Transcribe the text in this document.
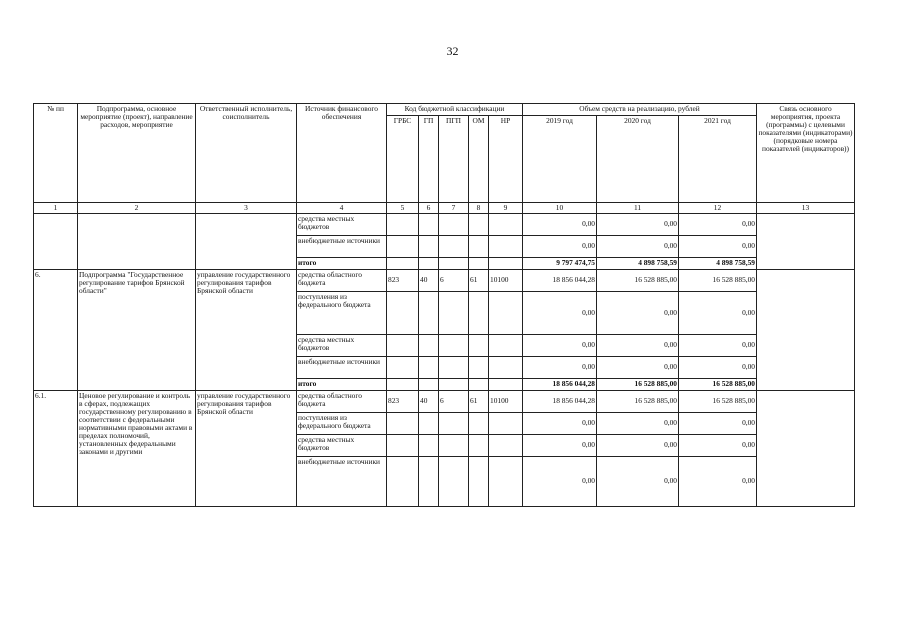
32
№ пп	Подпрограмма, основное мероприятие (проект), направление расходов, мероприятие	Ответственный исполнитель, соисполнитель	Источник финансового обеспечения	Код бюджетной классификации					Объем средств на реализацию, рублей			Связь основного мероприятия, проекта (программы) с целевыми показателями (индикаторами) (порядковые номера показателей (индикаторов))
				ГРБС	ГП	ПГП	ОМ	НР	2019 год	2020 год	2021 год	
1	2	3	4	5	6	7	8	9	10	11	12	13
			средства местных бюджетов						0,00	0,00	0,00	
			внебюджетные источники						0,00	0,00	0,00	
			итого						9 797 474,75	4 898 758,59	4 898 758,59	
6.	Подпрограмма "Государственное регулирование тарифов Брянской области"	управление государственного регулирования тарифов Брянской области	средства областного бюджета	823	40	6	61	10100	18 856 044,28	16 528 885,00	16 528 885,00	
			поступления из федерального бюджета						0,00	0,00	0,00	
			средства местных бюджетов						0,00	0,00	0,00	
			внебюджетные источники						0,00	0,00	0,00	
			итого						18 856 044,28	16 528 885,00	16 528 885,00	
6.1.	Ценовое регулирование и контроль в сферах, подлежащих государственному регулированию в соответствии с федеральными нормативными правовыми актами в пределах полномочий, установленных федеральными законами и другими	управление государственного регулирования тарифов Брянской области	средства областного бюджета	823	40	6	61	10100	18 856 044,28	16 528 885,00	16 528 885,00	
			поступления из федерального бюджета						0,00	0,00	0,00	
			средства местных бюджетов						0,00	0,00	0,00	
			внебюджетные источники						0,00	0,00	0,00	
